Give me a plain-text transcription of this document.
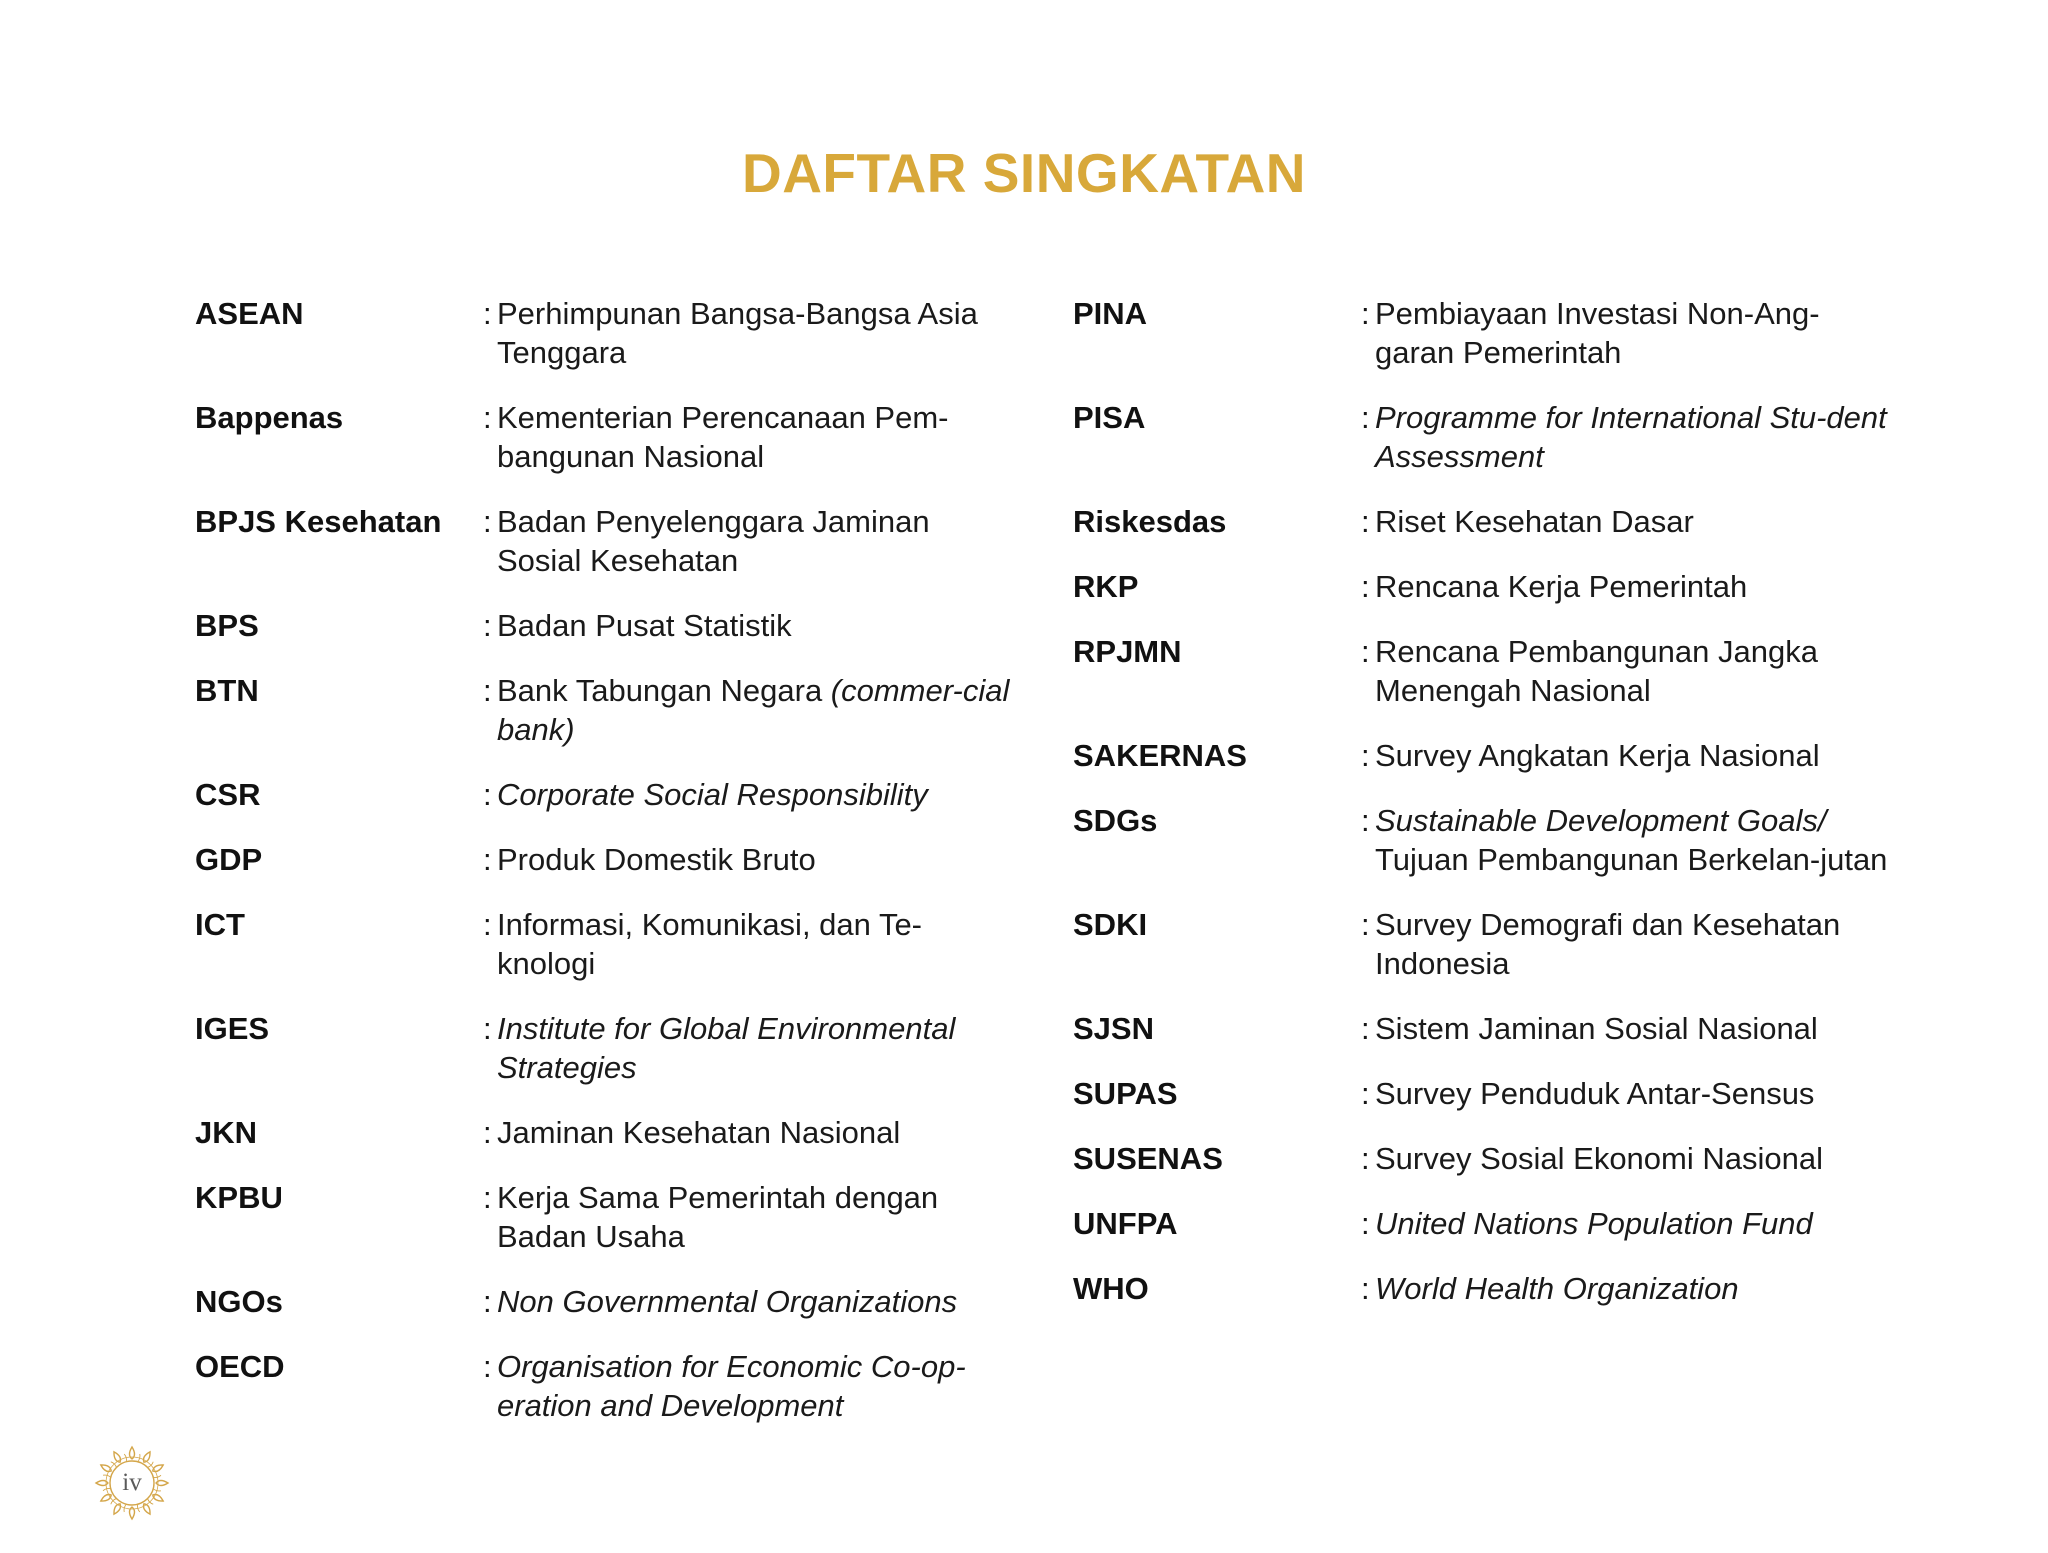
DAFTAR SINGKATAN
ASEAN	: Perhimpunan Bangsa-Bangsa Asia Tenggara
Bappenas	: Kementerian Perencanaan Pem-bangunan Nasional
BPJS Kesehatan	: Badan Penyelenggara Jaminan Sosial Kesehatan
BPS	: Badan Pusat Statistik
BTN	: Bank Tabungan Negara (commer-cial bank)
CSR	: Corporate Social Responsibility
GDP	: Produk Domestik Bruto
ICT	: Informasi, Komunikasi, dan Te-knologi
IGES	: Institute for Global Environmental Strategies
JKN	: Jaminan Kesehatan Nasional
KPBU	: Kerja Sama Pemerintah dengan Badan Usaha
NGOs	: Non Governmental Organizations
OECD	: Organisation for Economic Co-op-eration and Development
PINA	: Pembiayaan Investasi Non-Ang-garan Pemerintah
PISA	: Programme for International Stu-dent Assessment
Riskesdas	: Riset Kesehatan Dasar
RKP	: Rencana Kerja Pemerintah
RPJMN	: Rencana Pembangunan Jangka Menengah Nasional
SAKERNAS	: Survey Angkatan Kerja Nasional
SDGs	: Sustainable Development Goals/ Tujuan Pembangunan Berkelan-jutan
SDKI	: Survey Demografi dan Kesehatan Indonesia
SJSN	: Sistem Jaminan Sosial Nasional
SUPAS	: Survey Penduduk Antar-Sensus
SUSENAS	: Survey Sosial Ekonomi Nasional
UNFPA	: United Nations Population Fund
WHO	: World Health Organization
iv
